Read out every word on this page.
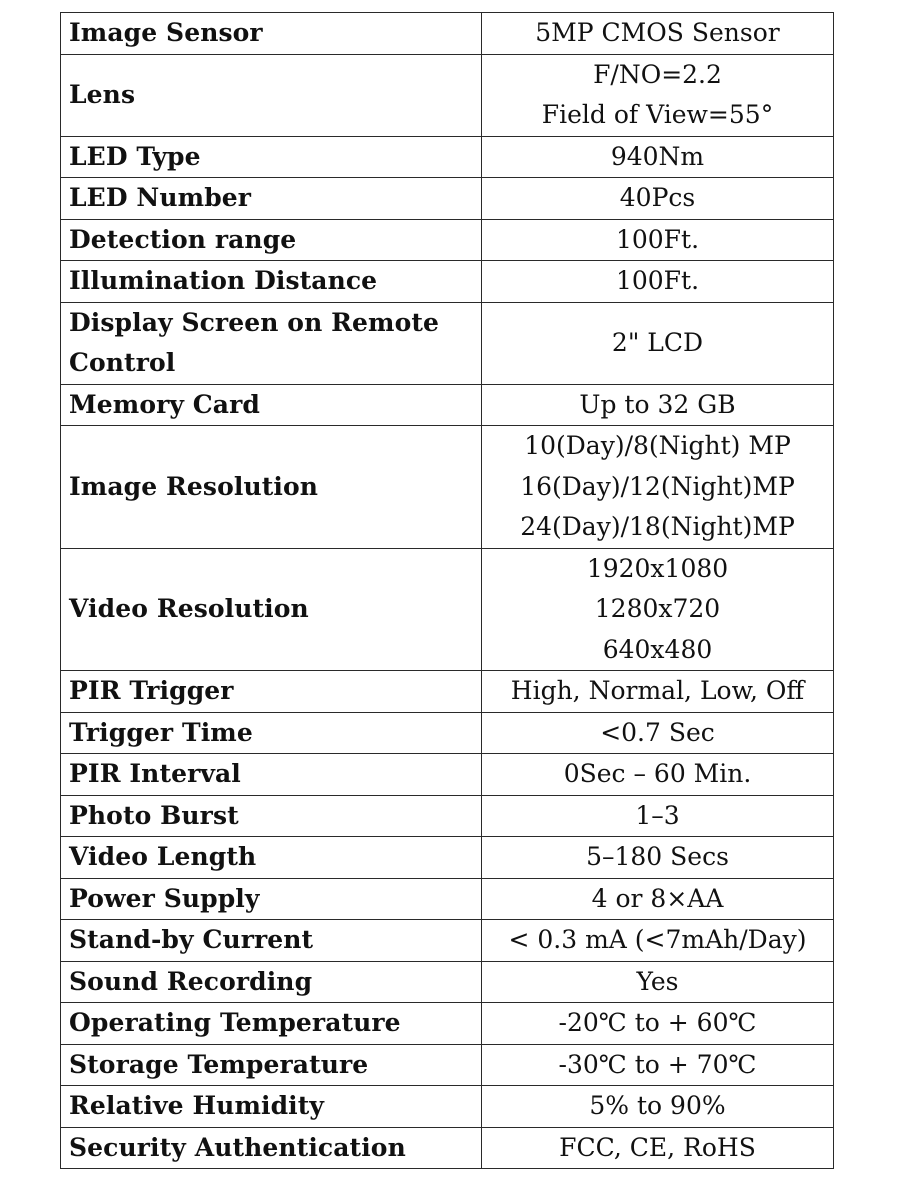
Image Sensor	5MP CMOS Sensor

Lens	F/NO=2.2
Field of View=55°

LED Type	940Nm

LED Number	40Pcs

Detection range	100Ft.

Illumination Distance	100Ft.

Display Screen on Remote Control	2" LCD

Memory Card	Up to 32 GB

Image Resolution	10(Day)/8(Night) MP
16(Day)/12(Night)MP
24(Day)/18(Night)MP

Video Resolution	1920x1080
1280x720
640x480

PIR Trigger	High, Normal, Low, Off

Trigger Time	<0.7 Sec

PIR Interval	0Sec – 60 Min.

Photo Burst	1–3

Video Length	5–180 Secs

Power Supply	4 or 8×AA

Stand-by Current	< 0.3 mA (<7mAh/Day)

Sound Recording	Yes

Operating Temperature	-20℃ to + 60℃

Storage Temperature	-30℃ to + 70℃

Relative Humidity	5% to 90%

Security Authentication	FCC, CE, RoHS
